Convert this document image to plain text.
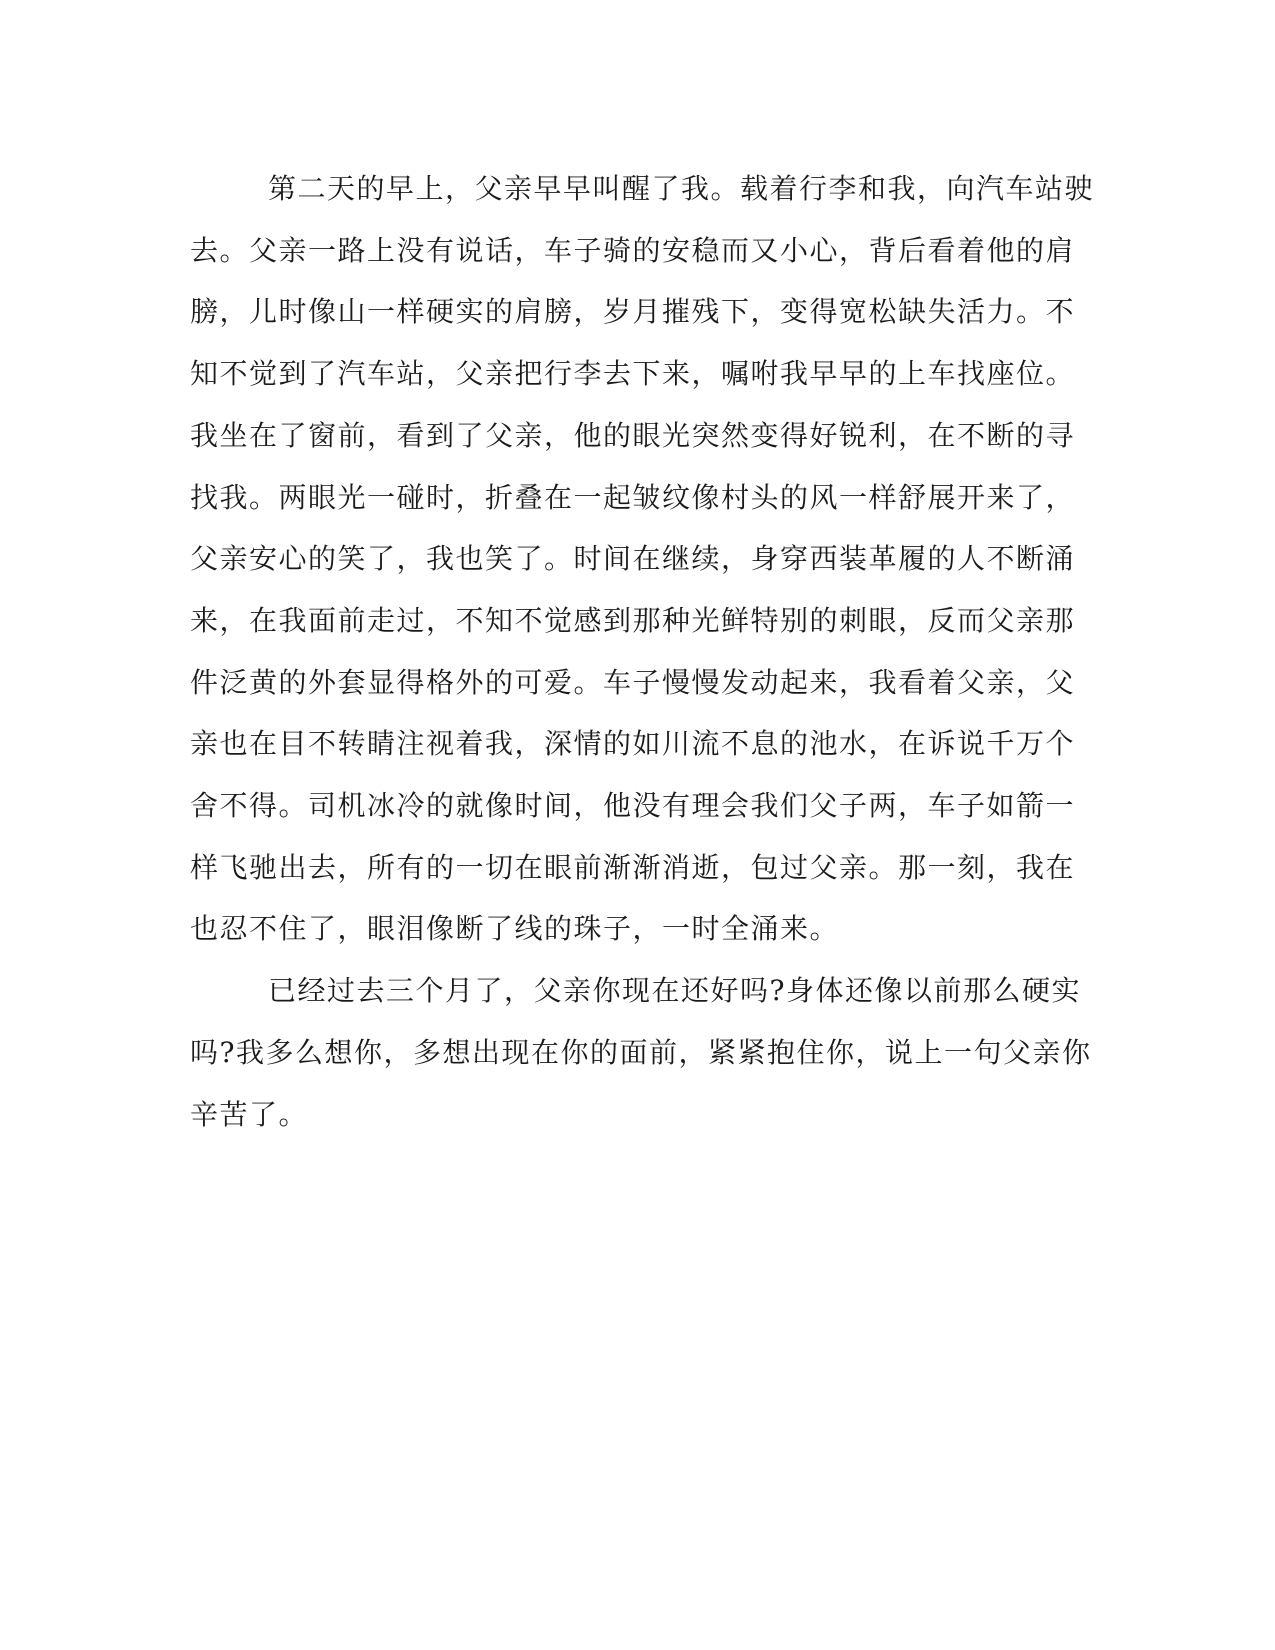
第二天的早上，父亲早早叫醒了我。载着行李和我，向汽车站驶
去。父亲一路上没有说话，车子骑的安稳而又小心，背后看着他的肩
膀，儿时像山一样硬实的肩膀，岁月摧残下，变得宽松缺失活力。不
知不觉到了汽车站，父亲把行李去下来，嘱咐我早早的上车找座位。
我坐在了窗前，看到了父亲，他的眼光突然变得好锐利，在不断的寻
找我。两眼光一碰时，折叠在一起皱纹像村头的风一样舒展开来了，
父亲安心的笑了，我也笑了。时间在继续，身穿西装革履的人不断涌
来，在我面前走过，不知不觉感到那种光鲜特别的刺眼，反而父亲那
件泛黄的外套显得格外的可爱。车子慢慢发动起来，我看着父亲，父
亲也在目不转睛注视着我，深情的如川流不息的池水，在诉说千万个
舍不得。司机冰冷的就像时间，他没有理会我们父子两，车子如箭一
样飞驰出去，所有的一切在眼前渐渐消逝，包过父亲。那一刻，我在
也忍不住了，眼泪像断了线的珠子，一时全涌来。
已经过去三个月了，父亲你现在还好吗?身体还像以前那么硬实
吗?我多么想你，多想出现在你的面前，紧紧抱住你，说上一句父亲你
辛苦了。
